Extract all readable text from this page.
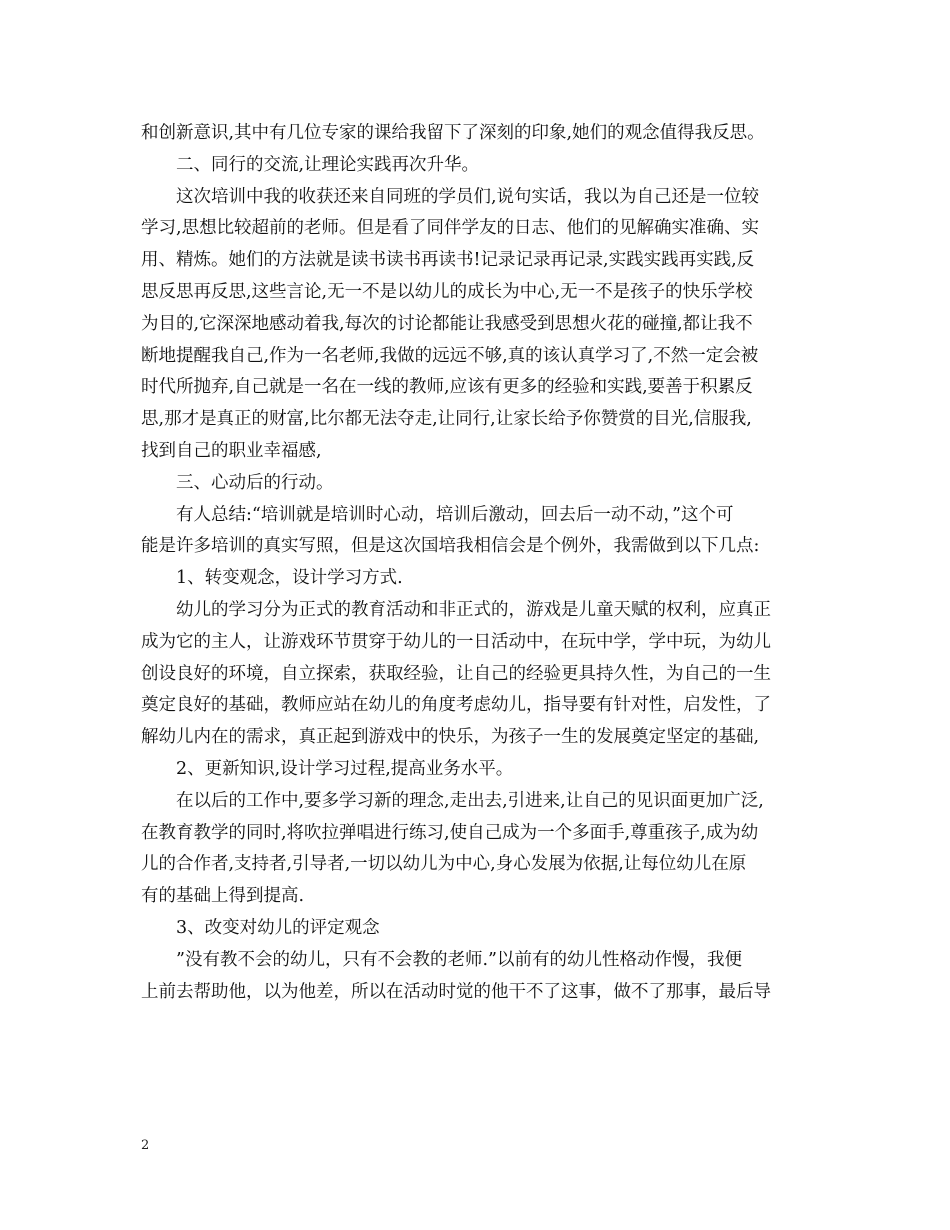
和创新意识,其中有几位专家的课给我留下了深刻的印象,她们的观念值得我反思。
二、同行的交流,让理论实践再次升华。
这次培训中我的收获还来自同班的学员们,说句实话，我以为自己还是一位较
学习,思想比较超前的老师。但是看了同伴学友的日志、他们的见解确实准确、实
用、精炼。她们的方法就是读书读书再读书!记录记录再记录,实践实践再实践,反
思反思再反思,这些言论,无一不是以幼儿的成长为中心,无一不是孩子的快乐学校
为目的,它深深地感动着我,每次的讨论都能让我感受到思想火花的碰撞,都让我不
断地提醒我自己,作为一名老师,我做的远远不够,真的该认真学习了,不然一定会被
时代所抛弃,自己就是一名在一线的教师,应该有更多的经验和实践,要善于积累反
思,那才是真正的财富,比尔都无法夺走,让同行,让家长给予你赞赏的目光,信服我,
找到自己的职业幸福感,
三、心动后的行动。
有人总结:“培训就是培训时心动，培训后激动，回去后一动不动，”这个可
能是许多培训的真实写照，但是这次国培我相信会是个例外，我需做到以下几点:
1、转变观念，设计学习方式.
幼儿的学习分为正式的教育活动和非正式的，游戏是儿童天赋的权利，应真正
成为它的主人，让游戏环节贯穿于幼儿的一日活动中，在玩中学，学中玩，为幼儿
创设良好的环境，自立探索，获取经验，让自己的经验更具持久性，为自己的一生
奠定良好的基础，教师应站在幼儿的角度考虑幼儿，指导要有针对性，启发性，了
解幼儿内在的需求，真正起到游戏中的快乐，为孩子一生的发展奠定坚定的基础,
2、更新知识,设计学习过程,提高业务水平。
在以后的工作中,要多学习新的理念,走出去,引进来,让自己的见识面更加广泛,
在教育教学的同时,将吹拉弹唱进行练习,使自己成为一个多面手,尊重孩子,成为幼
儿的合作者,支持者,引导者,一切以幼儿为中心,身心发展为依据,让每位幼儿在原
有的基础上得到提高.
3、改变对幼儿的评定观念
”没有教不会的幼儿，只有不会教的老师.”以前有的幼儿性格动作慢，我便
上前去帮助他，以为他差，所以在活动时觉的他干不了这事，做不了那事，最后导
2
